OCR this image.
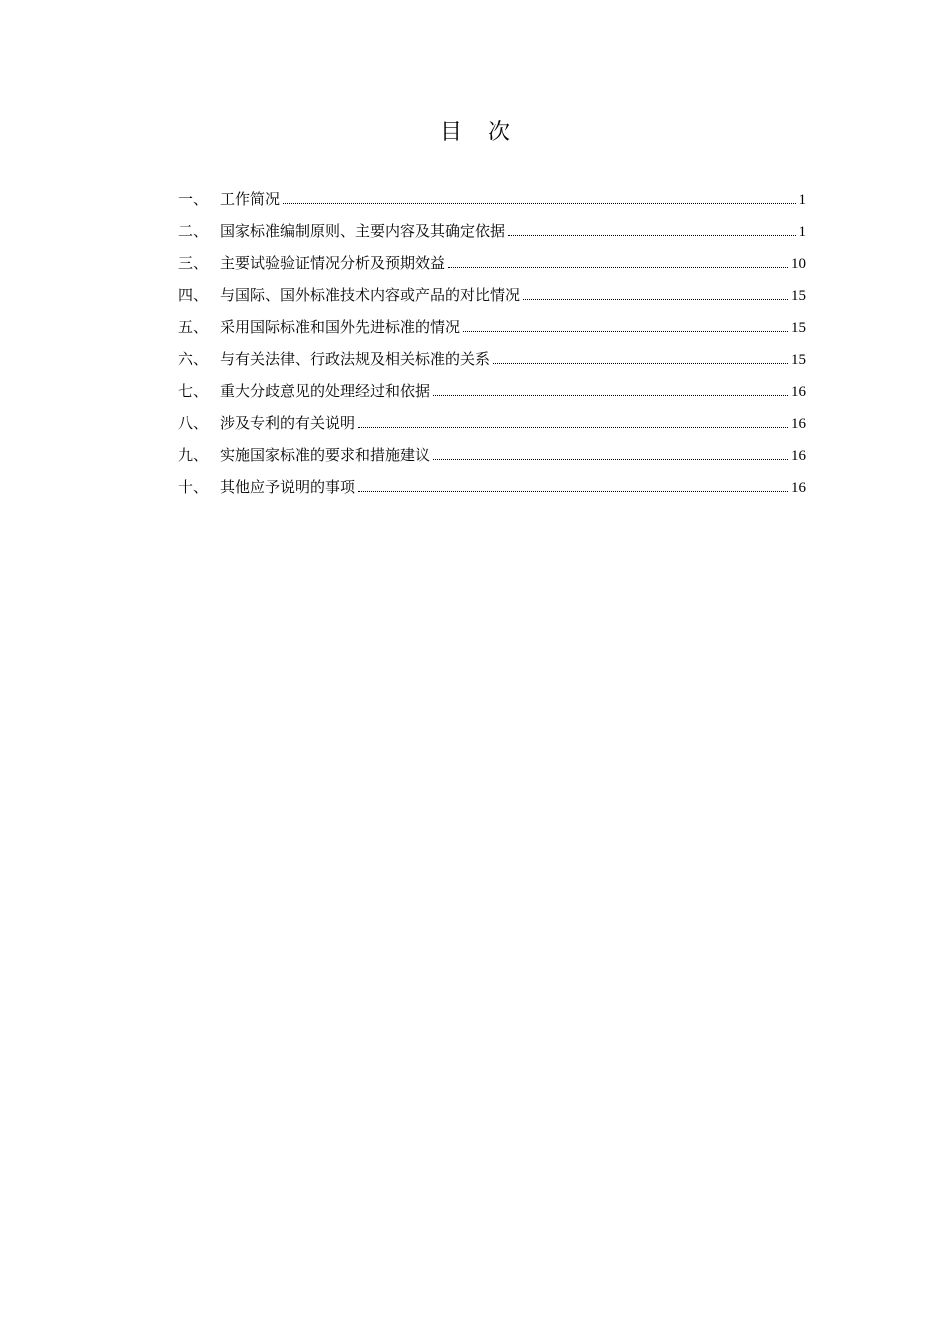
目 次
一、 工作简况	1
二、 国家标准编制原则、主要内容及其确定依据	1
三、 主要试验验证情况分析及预期效益	10
四、 与国际、国外标准技术内容或产品的对比情况	15
五、 采用国际标准和国外先进标准的情况	15
六、 与有关法律、行政法规及相关标准的关系	15
七、 重大分歧意见的处理经过和依据	16
八、 涉及专利的有关说明	16
九、 实施国家标准的要求和措施建议	16
十、 其他应予说明的事项	16
